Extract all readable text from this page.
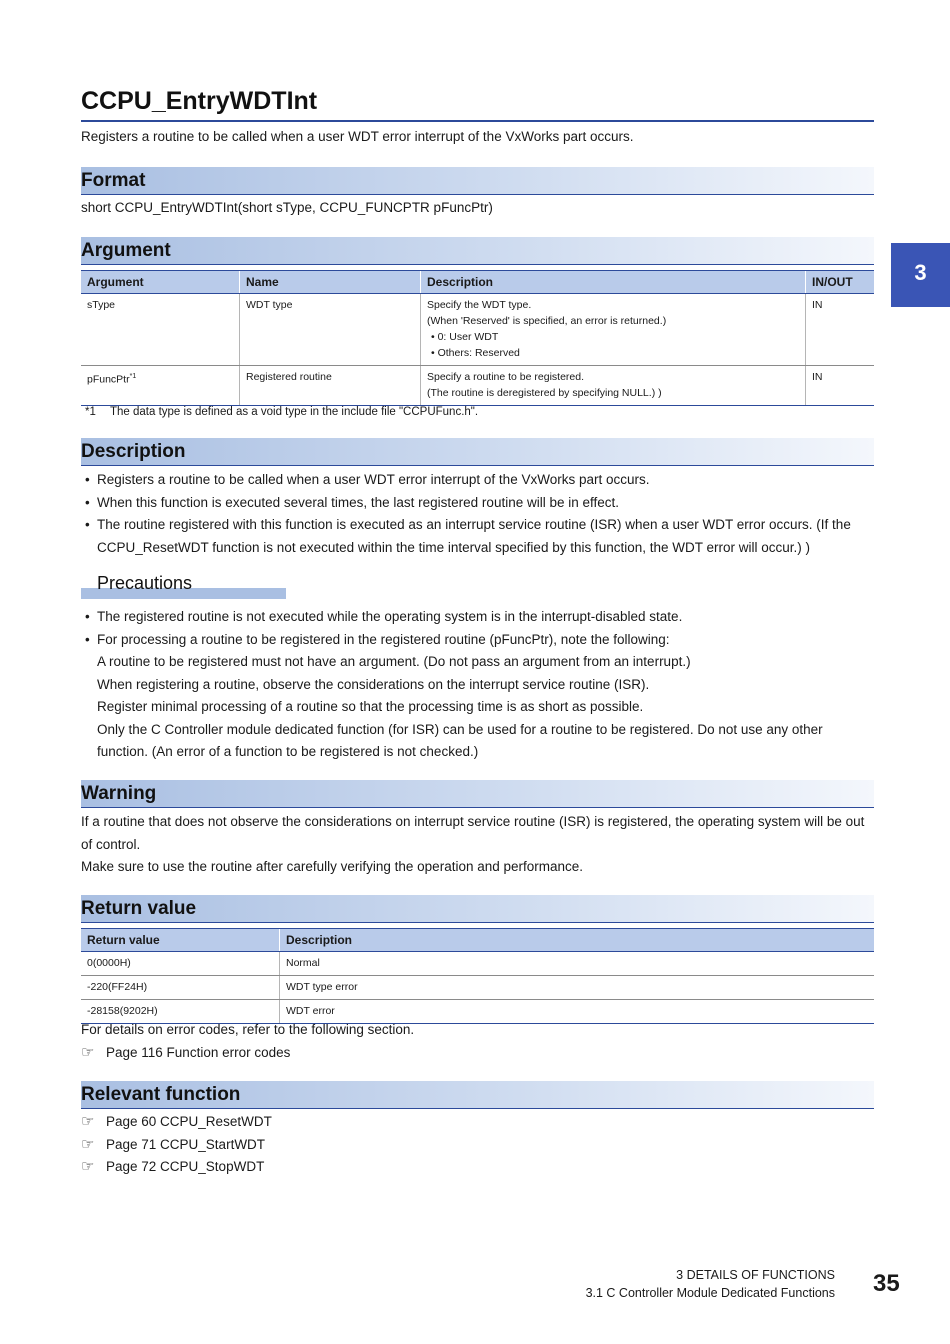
CCPU_EntryWDTInt
Registers a routine to be called when a user WDT error interrupt of the VxWorks part occurs.
Format
short CCPU_EntryWDTInt(short sType, CCPU_FUNCPTR pFuncPtr)
Argument
Argument	Name	Description	IN/OUT
sType	WDT type	Specify the WDT type.
(When 'Reserved' is specified, an error is returned.)
• 0: User WDT
• Others: Reserved	IN
pFuncPtr$^{*1}$	Registered routine	Specify a routine to be registered.
(The routine is deregistered by specifying NULL.) )	IN
*1 The data type is defined as a void type in the include file "CCPUFunc.h".
Description
• Registers a routine to be called when a user WDT error interrupt of the VxWorks part occurs.
• When this function is executed several times, the last registered routine will be in effect.
• The routine registered with this function is executed as an interrupt service routine (ISR) when a user WDT error occurs. (If the CCPU_ResetWDT function is not executed within the time interval specified by this function, the WDT error will occur.) )
Precautions
• The registered routine is not executed while the operating system is in the interrupt-disabled state.
• For processing a routine to be registered in the registered routine (pFuncPtr), note the following:
A routine to be registered must not have an argument. (Do not pass an argument from an interrupt.)
When registering a routine, observe the considerations on the interrupt service routine (ISR).
Register minimal processing of a routine so that the processing time is as short as possible.
Only the C Controller module dedicated function (for ISR) can be used for a routine to be registered. Do not use any other function. (An error of a function to be registered is not checked.)
Warning
If a routine that does not observe the considerations on interrupt service routine (ISR) is registered, the operating system will be out of control.
Make sure to use the routine after carefully verifying the operation and performance.
Return value
Return value	Description
0(0000H)	Normal
-220(FF24H)	WDT type error
-28158(9202H)	WDT error
For details on error codes, refer to the following section.
☞ Page 116 Function error codes
Relevant function
☞ Page 60 CCPU_ResetWDT
☞ Page 71 CCPU_StartWDT
☞ Page 72 CCPU_StopWDT
3
3 DETAILS OF FUNCTIONS
3.1 C Controller Module Dedicated Functions 35
